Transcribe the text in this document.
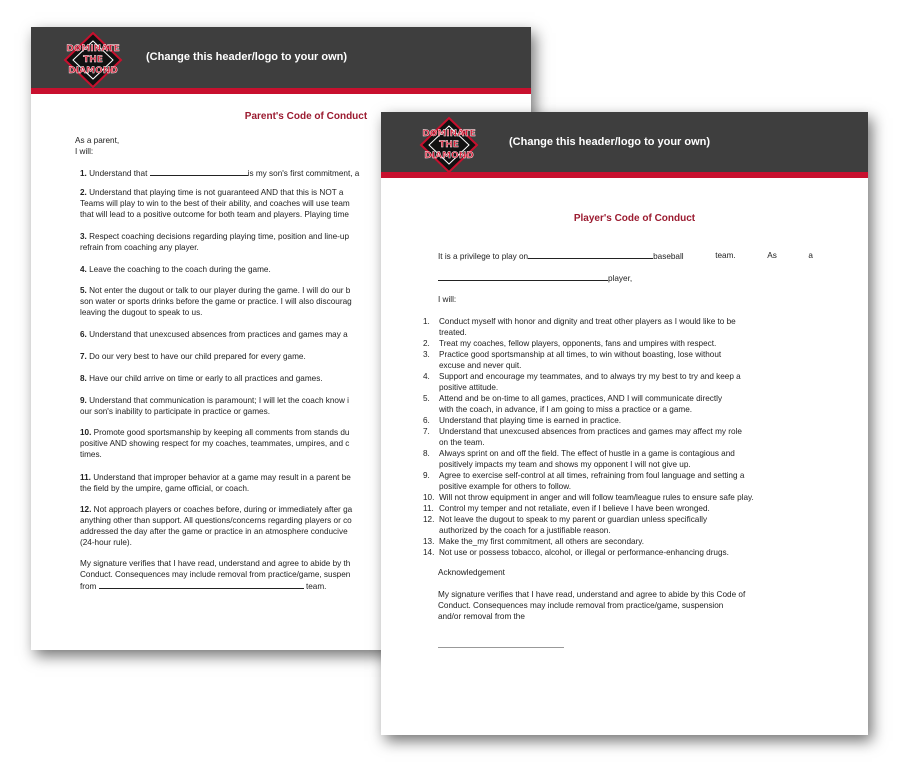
DOMINATE
THE
DIAMOND
(Change this header/logo to your own)
Parent's Code of Conduct
As a parent,
I will:
1. Understand that	is my son's first commitment, a
2. Understand that playing time is not guaranteed AND that this is NOT a
Teams will play to win to the best of their ability, and coaches will use team
that will lead to a positive outcome for both team and players. Playing time
3. Respect coaching decisions regarding playing time, position and line-up
refrain from coaching any player.
4. Leave the coaching to the coach during the game.
5. Not enter the dugout or talk to our player during the game. I will do our b
son water or sports drinks before the game or practice. I will also discourag
leaving the dugout to speak to us.
6. Understand that unexcused absences from practices and games may a
7. Do our very best to have our child prepared for every game.
8. Have our child arrive on time or early to all practices and games.
9. Understand that communication is paramount; I will let the coach know i
our son's inability to participate in practice or games.
10. Promote good sportsmanship by keeping all comments from stands du
positive AND showing respect for my coaches, teammates, umpires, and c
times.
11. Understand that improper behavior at a game may result in a parent be
the field by the umpire, game official, or coach.
12. Not approach players or coaches before, during or immediately after ga
anything other than support. All questions/concerns regarding players or co
addressed the day after the game or practice in an atmosphere conducive
(24-hour rule).
My signature verifies that I have read, understand and agree to abide by th
Conduct. Consequences may include removal from practice/game, suspen
from	team.
DOMINATE
THE
DIAMOND
(Change this header/logo to your own)
Player's Code of Conduct
It is a privilege to play on	baseball	team.	As	a
player,
I will:
1.	Conduct myself with honor and dignity and treat other players as I would like to be
treated.
2.	Treat my coaches, fellow players, opponents, fans and umpires with respect.
3.	Practice good sportsmanship at all times, to win without boasting, lose without
excuse and never quit.
4.	Support and encourage my teammates, and to always try my best to try and keep a
positive attitude.
5.	Attend and be on-time to all games, practices, AND I will communicate directly
with the coach, in advance, if I am going to miss a practice or a game.
6.	Understand that playing time is earned in practice.
7.	Understand that unexcused absences from practices and games may affect my role
on the team.
8.	Always sprint on and off the field. The effect of hustle in a game is contagious and
positively impacts my team and shows my opponent I will not give up.
9.	Agree to exercise self-control at all times, refraining from foul language and setting a
positive example for others to follow.
10. Will not throw equipment in anger and will follow team/league rules to ensure safe play.
11. Control my temper and not retaliate, even if I believe I have been wronged.
12. Not leave the dugout to speak to my parent or guardian unless specifically
authorized by the coach for a justifiable reason.
13. Make the_my first commitment, all others are secondary.
14. Not use or possess tobacco, alcohol, or illegal or performance-enhancing drugs.
Acknowledgement
My signature verifies that I have read, understand and agree to abide by this Code of
Conduct. Consequences may include removal from practice/game, suspension
and/or removal from the
